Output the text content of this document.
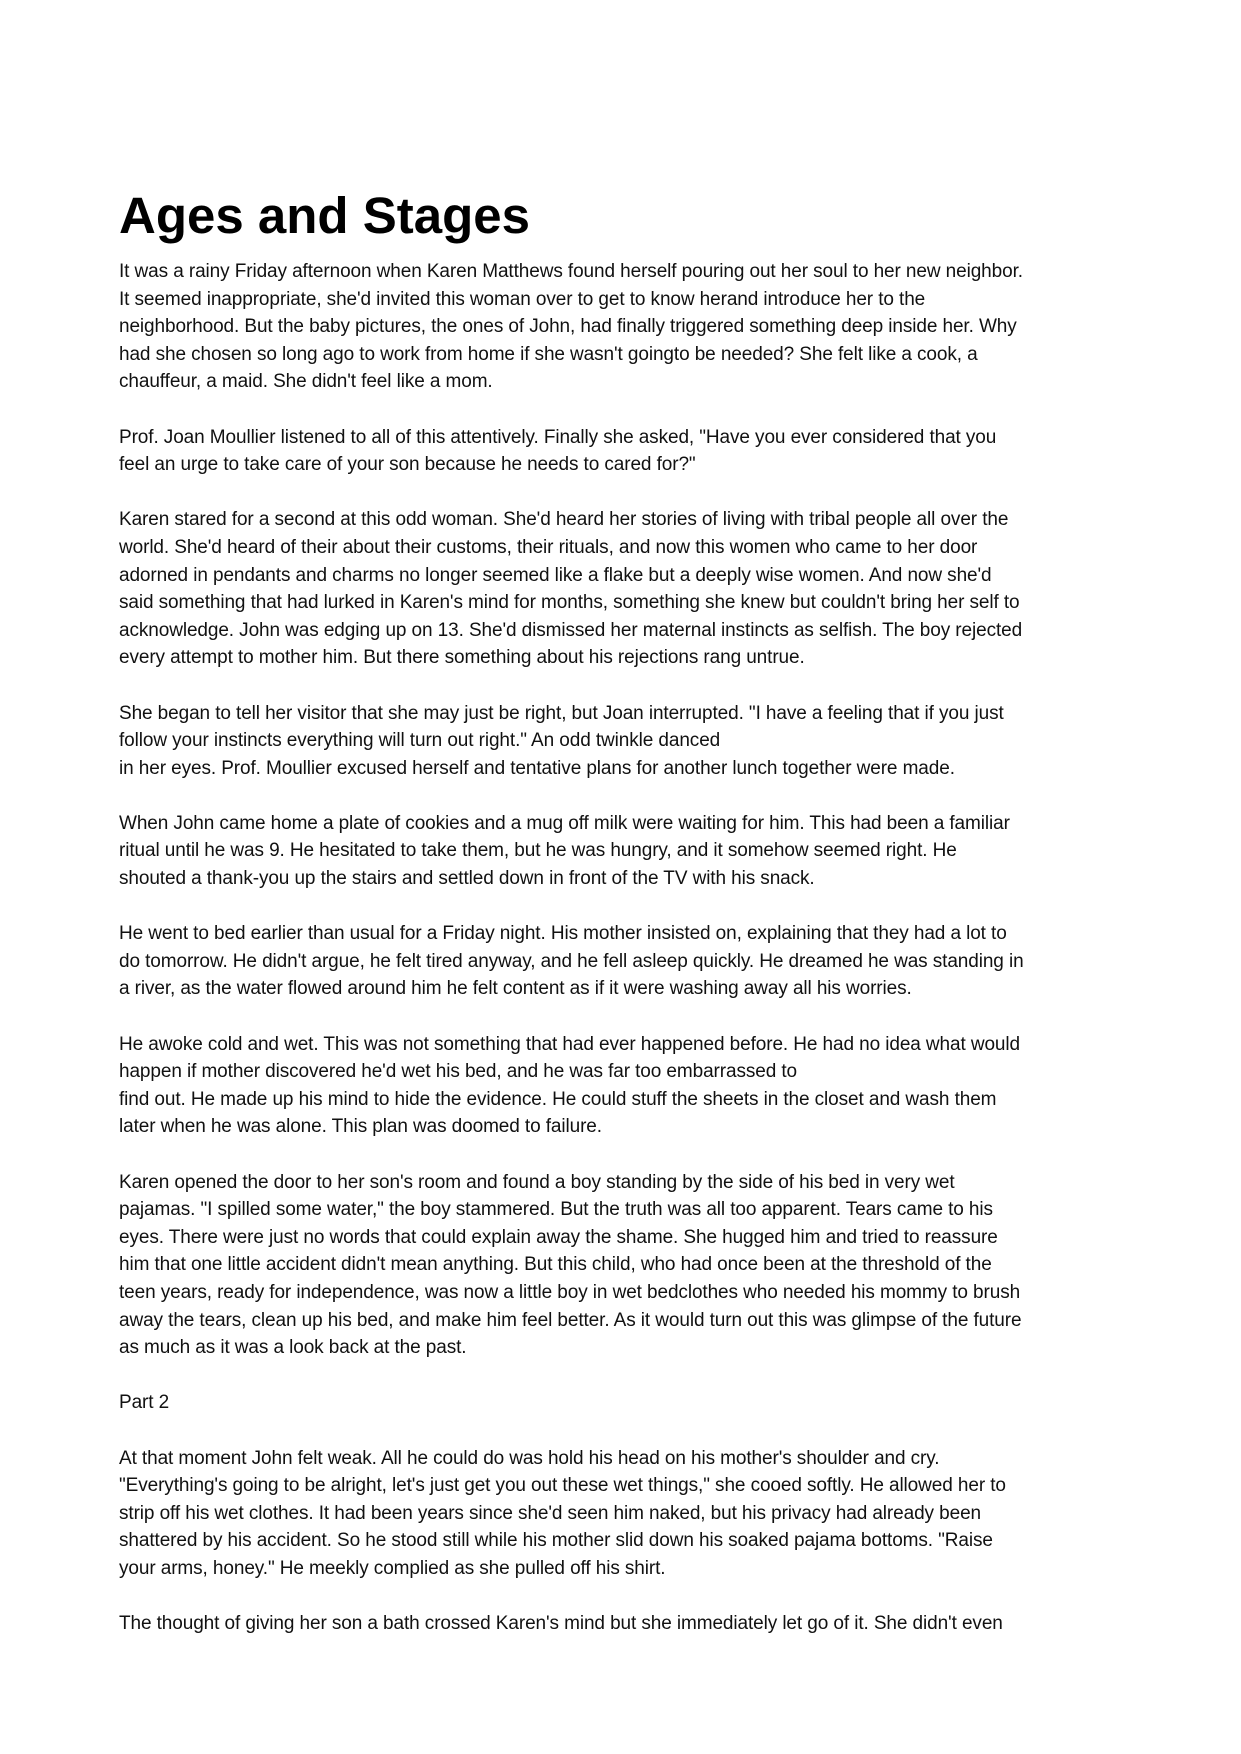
Ages and Stages

It was a rainy Friday afternoon when Karen Matthews found herself pouring out her soul to her new neighbor.
It seemed inappropriate, she'd invited this woman over to get to know herand introduce her to the
neighborhood. But the baby pictures, the ones of John, had finally triggered something deep inside her. Why
had she chosen so long ago to work from home if she wasn't goingto be needed? She felt like a cook, a
chauffeur, a maid. She didn't feel like a mom.

Prof. Joan Moullier listened to all of this attentively. Finally she asked, "Have you ever considered that you
feel an urge to take care of your son because he needs to cared for?"

Karen stared for a second at this odd woman. She'd heard her stories of living with tribal people all over the
world. She'd heard of their about their customs, their rituals, and now this women who came to her door
adorned in pendants and charms no longer seemed like a flake but a deeply wise women. And now she'd
said something that had lurked in Karen's mind for months, something she knew but couldn't bring her self to
acknowledge. John was edging up on 13. She'd dismissed her maternal instincts as selfish. The boy rejected
every attempt to mother him. But there something about his rejections rang untrue.

She began to tell her visitor that she may just be right, but Joan interrupted. "I have a feeling that if you just
follow your instincts everything will turn out right." An odd twinkle danced
in her eyes. Prof. Moullier excused herself and tentative plans for another lunch together were made.

When John came home a plate of cookies and a mug off milk were waiting for him. This had been a familiar
ritual until he was 9. He hesitated to take them, but he was hungry, and it somehow seemed right. He
shouted a thank-you up the stairs and settled down in front of the TV with his snack.

He went to bed earlier than usual for a Friday night. His mother insisted on, explaining that they had a lot to
do tomorrow. He didn't argue, he felt tired anyway, and he fell asleep quickly. He dreamed he was standing in
a river, as the water flowed around him he felt content as if it were washing away all his worries.

He awoke cold and wet. This was not something that had ever happened before. He had no idea what would
happen if mother discovered he'd wet his bed, and he was far too embarrassed to
find out. He made up his mind to hide the evidence. He could stuff the sheets in the closet and wash them
later when he was alone. This plan was doomed to failure.

Karen opened the door to her son's room and found a boy standing by the side of his bed in very wet
pajamas. "I spilled some water," the boy stammered. But the truth was all too apparent. Tears came to his
eyes. There were just no words that could explain away the shame. She hugged him and tried to reassure
him that one little accident didn't mean anything. But this child, who had once been at the threshold of the
teen years, ready for independence, was now a little boy in wet bedclothes who needed his mommy to brush
away the tears, clean up his bed, and make him feel better. As it would turn out this was glimpse of the future
as much as it was a look back at the past.

Part 2

At that moment John felt weak. All he could do was hold his head on his mother's shoulder and cry.
"Everything's going to be alright, let's just get you out these wet things," she cooed softly. He allowed her to
strip off his wet clothes. It had been years since she'd seen him naked, but his privacy had already been
shattered by his accident. So he stood still while his mother slid down his soaked pajama bottoms. "Raise
your arms, honey." He meekly complied as she pulled off his shirt.

The thought of giving her son a bath crossed Karen's mind but she immediately let go of it. She didn't even
